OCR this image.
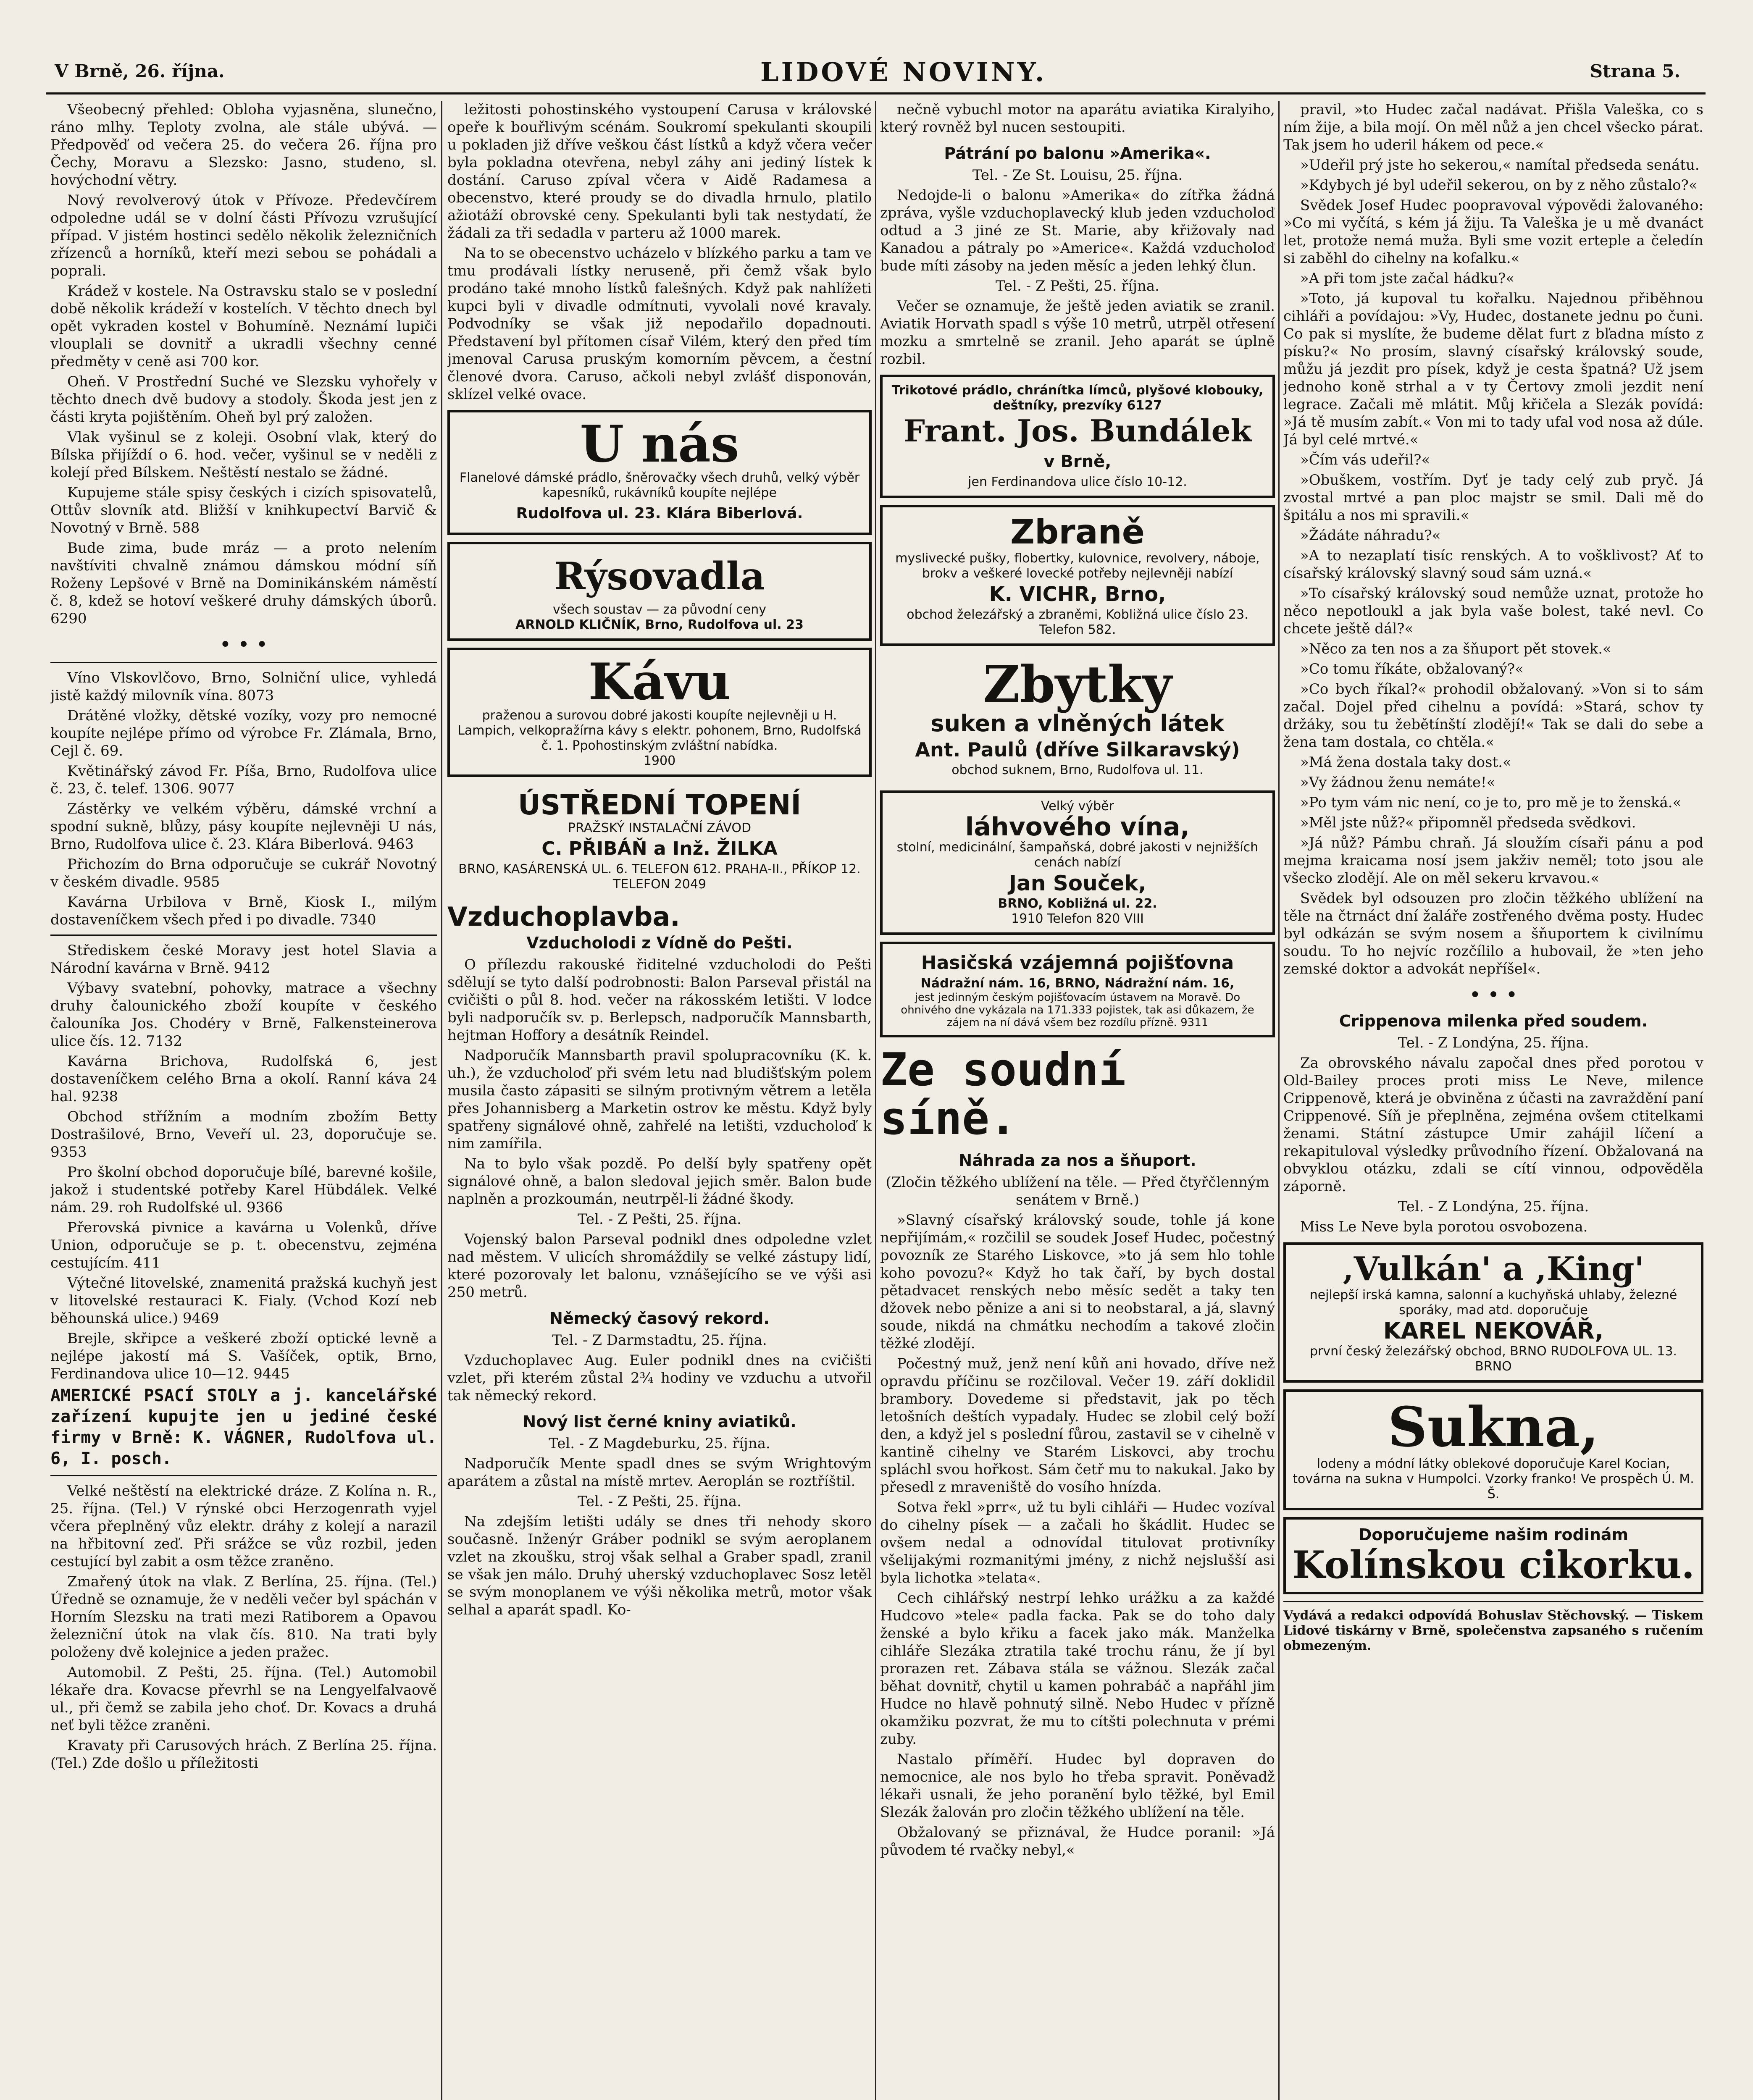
V Brně, 26. října.	LIDOVÉ NOVINY.	Strana 5.

Všeobecný přehled: Obloha vyjasněna, slunečno, ráno mlhy. Teploty zvolna, ale stále ubývá. — Předpověď od večera 25. do večera 26. října pro Čechy, Moravu a Slezsko: Jasno, studeno, sl. hovýchodní větry.

Nový revolverový útok v Přívoze. Předevčírem odpoledne udál se v dolní části Přívozu vzrušující případ. V jistém hostinci sedělo několik železničních zřízenců a horníků, kteří mezi sebou se pohádali a poprali.

Krádež v kostele. Na Ostravsku stalo se v poslední době několik krádeží v kostelích. V těchto dnech byl opět vykraden kostel v Bohumíně. Neznámí lupiči vlouplali se dovnitř a ukradli všechny cenné předměty v ceně asi 700 kor.

Oheň. V Prostřední Suché ve Slezsku vyhořely v těchto dnech dvě budovy a stodoly. Škoda jest jen z části kryta pojištěním. Oheň byl prý založen.

Vlak vyšinul se z koleji. Osobní vlak, který do Bílska přijíždí o 6. hod. večer, vyšinul se v neděli z kolejí před Bílskem. Neštěstí nestalo se žádné.

Kupujeme stále spisy českých i cizích spisovatelů, Ottův slovník atd. Bližší v knihkupectví Barvič & Novotný v Brně. 588

Bude zima, bude mráz — a proto nelením navštíviti chvalně známou dámskou módní síň Roženy Lepšové v Brně na Dominikánském náměstí č. 8, kdež se hotoví veškeré druhy dámských úborů. 6290

• • •

Víno Vlskovlčovo, Brno, Solniční ulice, vyhledá jistě každý milovník vína. 8073

Drátěné vložky, dětské vozíky, vozy pro nemocné koupíte nejlépe přímo od výrobce Fr. Zlámala, Brno, Cejl č. 69.

Květinářský závod Fr. Píša, Brno, Rudolfova ulice č. 23, č. telef. 1306. 9077

Zástěrky ve velkém výběru, dámské vrchní a spodní sukně, blůzy, pásy koupíte nejlevněji U nás, Brno, Rudolfova ulice č. 23. Klára Biberlová. 9463

Přichozím do Brna odporučuje se cukrář Novotný v českém divadle. 9585

Kavárna Urbilova v Brně, Kiosk I., milým dostaveníčkem všech před i po divadle. 7340

Střediskem české Moravy jest hotel Slavia a Národní kavárna v Brně. 9412

Výbavy svatební, pohovky, matrace a všechny druhy čalounického zboží koupíte v českého čalouníka Jos. Chodéry v Brně, Falkensteinerova ulice čís. 12. 7132

Kavárna Brichova, Rudolfská 6, jest dostaveníčkem celého Brna a okolí. Ranní káva 24 hal. 9238

Obchod střížním a modním zbožím Betty Dostrašilové, Brno, Veveří ul. 23, doporučuje se. 9353

Pro školní obchod doporučuje bílé, barevné košile, jakož i studentské potřeby Karel Hübdálek. Velké nám. 29. roh Rudolfské ul. 9366

Přerovská pivnice a kavárna u Volenků, dříve Union, odporučuje se p. t. obecenstvu, zejména cestujícím. 411

Výtečné litovelské, znamenitá pražská kuchyň jest v litovelské restauraci K. Fialy. (Vchod Kozí neb běhounská ulice.) 9469

Brejle, skřipce a veškeré zboží optické levně a nejlépe jakostí má S. Vašíček, optik, Brno, Ferdinandova ulice 10—12. 9445

AMERICKÉ PSACÍ STOLY a j. kancelářské zařízení kupujte jen u jediné české firmy v Brně: K. VÁGNER, Rudolfova ul. 6, I. posch.

Velké neštěstí na elektrické dráze. Z Kolína n. R., 25. října. (Tel.) V rýnské obci Herzogenrath vyjel včera přeplněný vůz elektr. dráhy z kolejí a narazil na hřbitovní zeď. Při srážce se vůz rozbil, jeden cestující byl zabit a osm těžce zraněno.

Zmařený útok na vlak. Z Berlína, 25. října. (Tel.) Úředně se oznamuje, že v neděli večer byl spáchán v Horním Slezsku na trati mezi Ratiborem a Opavou železniční útok na vlak čís. 810. Na trati byly položeny dvě kolejnice a jeden pražec.

Automobil. Z Pešti, 25. října. (Tel.) Automobil lékaře dra. Kovacse převrhl se na Lengyelfalvaově ul., při čemž se zabila jeho choť. Dr. Kovacs a druhá neť byli těžce zraněni.

Kravaty při Carusových hrách. Z Berlína 25. října. (Tel.) Zde došlo u příležitosti

ležitosti pohostinského vystoupení Carusa v královské opeře k bouřlivým scénám. Soukromí spekulanti skoupili u pokladen již dříve veškou část lístků a když včera večer byla pokladna otevřena, nebyl záhy ani jediný lístek k dostání. Caruso zpíval včera v Aidě Radamesa a obecenstvo, které proudy se do divadla hrnulo, platilo ažiotáží obrovské ceny. Spekulanti byli tak nestydatí, že žádali za tři sedadla v parteru až 1000 marek.

Na to se obecenstvo ucházelo v blízkého parku a tam ve tmu prodávali lístky neruseně, při čemž však bylo prodáno také mnoho lístků falešných. Když pak nahlížeti kupci byli v divadle odmítnuti, vyvolali nové kravaly. Podvodníky se však již nepodařilo dopadnouti. Představení byl přítomen císař Vilém, který den před tím jmenoval Carusa pruským komorním pěvcem, a čestní členové dvora. Caruso, ačkoli nebyl zvlášť disponován, sklízel velké ovace.

U nás
Flanelové dámské prádlo, šněrovačky všech druhů, velký výběr kapesníků, rukávníků koupíte nejlépe
Rudolfova ul. 23. Klára Biberlová.
Rýsovadla
všech soustav — za původní ceny
ARNOLD KLIČNÍK, Brno, Rudolfova ul. 23
Kávu
praženou a surovou dobré jakosti koupíte nejlevněji u H. Lampich, velkopražírna kávy s elektr. pohonem, Brno, Rudolfská č. 1. Ppohostinským zvláštní nabídka.
1900
ÚSTŘEDNÍ TOPENÍ
PRAŽSKÝ INSTALAČNÍ ZÁVOD
C. PŘIBÁŇ a Inž. ŽILKA
BRNO, KASÁRENSKÁ UL. 6. TELEFON 612. PRAHA-II., PŘÍKOP 12. TELEFON 2049

Vzduchoplavba.

Vzducholodi z Vídně do Pešti.

O přílezdu rakouské řiditelné vzducholodi do Pešti sdělují se tyto další podrobnosti: Balon Parseval přistál na cvičišti o půl 8. hod. večer na rákosském letišti. V lodce byli nadporučík sv. p. Berlepsch, nadporučík Mannsbarth, hejtman Hoffory a desátník Reindel.

Nadporučík Mannsbarth pravil spolupracovníku (K. k. uh.), že vzducholoď při svém letu nad bludišťským polem musila často zápasiti se silným protivným větrem a letěla přes Johannisberg a Marketin ostrov ke městu. Když byly spatřeny signálové ohně, zahřelé na letišti, vzducholoď k nim zamířila.

Na to bylo však pozdě. Po delší byly spatřeny opět signálové ohně, a balon sledoval jejich směr. Balon bude naplněn a prozkoumán, neutrpěl-li žádné škody.

Tel. - Z Pešti, 25. října.

Vojenský balon Parseval podnikl dnes odpoledne vzlet nad městem. V ulicích shromáždily se velké zástupy lidí, které pozorovaly let balonu, vznášejícího se ve výši asi 250 metrů.

Německý časový rekord.

Tel. - Z Darmstadtu, 25. října.

Vzduchoplavec Aug. Euler podnikl dnes na cvičišti vzlet, při kterém zůstal 2¾ hodiny ve vzduchu a utvořil tak německý rekord.

Nový list černé kniny aviatiků.

Tel. - Z Magdeburku, 25. října.

Nadporučík Mente spadl dnes se svým Wrightovým aparátem a zůstal na místě mrtev. Aeroplán se roztříštil.

Tel. - Z Pešti, 25. října.

Na zdejším letišti udály se dnes tři nehody skoro současně. Inženýr Gráber podnikl se svým aeroplanem vzlet na zkoušku, stroj však selhal a Graber spadl, zranil se však jen málo. Druhý uherský vzduchoplavec Sosz letěl se svým monoplanem ve výši několika metrů, motor však selhal a aparát spadl. Ko-

nečně vybuchl motor na aparátu aviatika Kiralyiho, který rovněž byl nucen sestoupiti.

Pátrání po balonu »Amerika«.

Tel. - Ze St. Louisu, 25. října.

Nedojde-li o balonu »Amerika« do zítřka žádná zpráva, vyšle vzduchoplavecký klub jeden vzducholoď odtud a 3 jiné ze St. Marie, aby křižovaly nad Kanadou a pátraly po »Americe«. Každá vzducholoď bude míti zásoby na jeden měsíc a jeden lehký člun.

Tel. - Z Pešti, 25. října.

Večer se oznamuje, že ještě jeden aviatik se zranil. Aviatik Horvath spadl s výše 10 metrů, utrpěl otřesení mozku a smrtelně se zranil. Jeho aparát se úplně rozbil.

Trikotové prádlo, chránítka límců, plyšové klobouky, deštníky, prezvíky 6127
Frant. Jos. Bundálek
v Brně,
jen Ferdinandova ulice číslo 10-12.
Zbraně
myslivecké pušky, flobertky, kulovnice, revolvery, náboje, brokv a veškeré lovecké potřeby nejlevněji nabízí
K. VICHR, Brno,
obchod železářský a zbraněmi, Kobližná ulice číslo 23.
Telefon 582.
Zbytky
suken a vlněných látek
Ant. Paulů (dříve Silkaravský)
obchod suknem, Brno, Rudolfova ul. 11.
Velký výběr
láhvového vína,
stolní, medicinální, šampaňská, dobré jakosti v nejnižších cenách nabízí
Jan Souček,
BRNO, Kobližná ul. 22.
1910 Telefon 820 VIII
Hasičská vzájemná pojišťovna
Nádražní nám. 16, BRNO, Nádražní nám. 16,
jest jedinným českým pojišťovacím ústavem na Moravě. Do ohnivého dne vykázala na 171.333 pojistek, tak asi důkazem, že zájem na ní dává všem bez rozdílu přízně. 9311

Ze soudní síně.

Náhrada za nos a šňuport.

(Zločin těžkého ublížení na těle. — Před čtyřčlenným senátem v Brně.)

»Slavný císařský královský soude, tohle já kone nepřijímám,« rozčilil se soudek Josef Hudec, počestný povozník ze Starého Liskovce, »to já sem hlo tohle koho povozu?« Když ho tak čaří, by bych dostal pětadvacet renských nebo měsíc sedět a taky ten džovek nebo pěnize a ani si to neobstaral, a já, slavný soude, nikdá na chmátku nechodím a takové zločin těžké zlodějí.

Počestný muž, jenž není kůň ani hovado, dříve než opravdu příčinu se rozčiloval. Večer 19. září doklidil brambory. Dovedeme si představit, jak po těch letošních deštích vypadaly. Hudec se zlobil celý boží den, a když jel s poslední fůrou, zastavil se v cihelně v kantině cihelny ve Starém Liskovci, aby trochu spláchl svou hořkost. Sám četř mu to nakukal. Jako by přesedl z mraveniště do vosího hnízda.

Sotva řekl »prr«, už tu byli cihláři — Hudec vozíval do cihelny písek — a začali ho škádlit. Hudec se ovšem nedal a odnovídal titulovat protivníky všelijakými rozmanitými jmény, z nichž nejslušší asi byla lichotka »telata«.

Cech cihlářský nestrpí lehko urážku a za každé Hudcovo »tele« padla facka. Pak se do toho daly ženské a bylo křiku a facek jako mák. Manželka cihláře Slezáka ztratila také trochu ránu, že jí byl prorazen ret. Zábava stála se vážnou. Slezák začal běhat dovnitř, chytil u kamen pohrabáč a napřáhl jim Hudce no hlavě pohnutý silně. Nebo Hudec v přízně okamžiku pozvrat, že mu to cítšti polechnuta v prémi zuby.

Nastalo příměří. Hudec byl dopraven do nemocnice, ale nos bylo ho třeba spravit. Poněvadž lékaři usnali, že jeho poranění bylo těžké, byl Emil Slezák žalován pro zločin těžkého ublížení na těle.

Obžalovaný se přiznával, že Hudce poranil: »Já původem té rvačky nebyl,«

pravil, »to Hudec začal nadávat. Přišla Valeška, co s ním žije, a bila mojí. On měl nůž a jen chcel všecko párat. Tak jsem ho uderil hákem od pece.«

»Udeřil prý jste ho sekerou,« namítal předseda senátu.

»Kdybych jé byl udeřil sekerou, on by z něho zůstalo?«

Svědek Josef Hudec poopravoval výpovědi žalovaného: »Co mi vyčítá, s kém já žiju. Ta Valeška je u mě dvanáct let, protože nemá muža. Byli sme vozit erteple a čeledín si zaběhl do cihelny na kofalku.«

»A při tom jste začal hádku?«

»Toto, já kupoval tu kořalku. Najednou přiběhnou cihláři a povídajou: »Vy, Hudec, dostanete jednu po čuni. Co pak si myslíte, že budeme dělat furt z bľadna místo z písku?« No prosím, slavný císařský královský soude, můžu já jezdit pro písek, když je cesta špatná? Už jsem jednoho koně strhal a v ty Čertovy zmoli jezdit není legrace. Začali mě mlátit. Můj křičela a Slezák povídá: »Já tě musím zabít.« Von mi to tady ufal vod nosa až dúle. Já byl celé mrtvé.«

»Čím vás udeřil?«

»Obuškem, vostřím. Dyť je tady celý zub pryč. Já zvostal mrtvé a pan ploc majstr se smil. Dali mě do špitálu a nos mi spravili.«

»Žádáte náhradu?«

»A to nezaplatí tisíc renských. A to vošklivost? Ať to císařský královský slavný soud sám uzná.«

»To císařský královský soud nemůže uznat, protože ho něco nepotloukl a jak byla vaše bolest, také nevl. Co chcete ještě dál?«

»Něco za ten nos a za šňuport pět stovek.«

»Co tomu říkáte, obžalovaný?«

»Co bych říkal?« prohodil obžalovaný. »Von si to sám začal. Dojel před cihelnu a povídá: »Stará, schov ty držáky, sou tu žebětínští zlodějí!« Tak se dali do sebe a žena tam dostala, co chtěla.«

»Má žena dostala taky dost.«

»Vy žádnou ženu nemáte!«

»Po tym vám nic není, co je to, pro mě je to ženská.«

»Měl jste nůž?« připomněl předseda svědkovi.

»Já nůž? Pámbu chraň. Já sloužím císaři pánu a pod mejma kraicama nosí jsem jakživ neměl; toto jsou ale všecko zlodějí. Ale on měl sekeru krvavou.«

Svědek byl odsouzen pro zločin těžkého ublížení na těle na čtrnáct dní žaláře zostřeného dvěma posty. Hudec byl odkázán se svým nosem a šňuportem k civilnímu soudu. To ho nejvíc rozčílilo a hubovail, že »ten jeho zemské doktor a advokát nepříšel«.

• • •

Crippenova milenka před soudem.

Tel. - Z Londýna, 25. října.

Za obrovského návalu započal dnes před porotou v Old-Bailey proces proti miss Le Neve, milence Crippenově, která je obviněna z účasti na zavraždění paní Crippenové. Síň je přeplněna, zejména ovšem ctitelkami ženami. Státní zástupce Umir zahájil líčení a rekapituloval výsledky průvodního řízení. Obžalovaná na obvyklou otázku, zdali se cítí vinnou, odpověděla záporně.

Tel. - Z Londýna, 25. října.

Miss Le Neve byla porotou osvobozena.

‚Vulkán' a ‚King'
nejlepší irská kamna, salonní a kuchyňská uhlaby, železné sporáky, mad atd. doporučuje
KAREL NEKOVÁŘ,
první český železářský obchod, BRNO RUDOLFOVA UL. 13. BRNO
Sukna,
lodeny a módní látky oblekové doporučuje Karel Kocian, továrna na sukna v Humpolci. Vzorky franko! Ve prospěch Ú. M. Š.
Doporučujeme našim rodinám
Kolínskou cikorku.

Vydává a redakci odpovídá Bohuslav Stěchovský. — Tiskem Lidové tiskárny v Brně, společenstva zapsaného s ručením obmezeným.
